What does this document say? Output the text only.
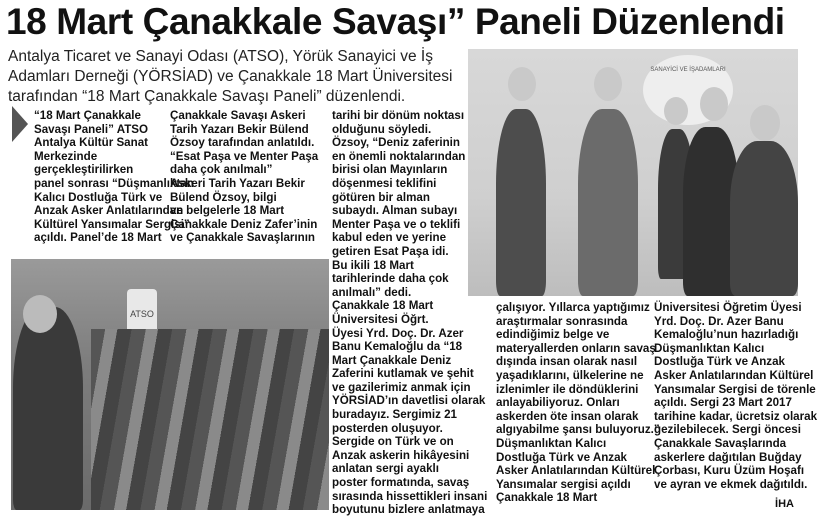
18 Mart Çanakkale Savaşı” Paneli Düzenlendi
Antalya Ticaret ve Sanayi Odası (ATSO), Yörük Sanayici ve İş
Adamları Derneği (YÖRSİAD) ve Çanakkale 18 Mart Üniversitesi
tarafından “18 Mart Çanakkale Savaşı Paneli” düzenlendi.
“18 Mart Çanakkale
Savaşı Paneli” ATSO
Antalya Kültür Sanat
Merkezinde
gerçekleştirilirken
panel sonrası “Düşmanlıktan
Kalıcı Dostluğa Türk ve
Anzak Asker Anlatılarından
Kültürel Yansımalar Sergisi”
açıldı. Panel’de 18 Mart
Çanakkale Savaşı Askeri
Tarih Yazarı Bekir Bülend
Özsoy tarafından anlatıldı.
“Esat Paşa ve Menter Paşa
daha çok anılmalı”
Askeri Tarih Yazarı Bekir
Bülend Özsoy, bilgi
ve belgelerle 18 Mart
Çanakkale Deniz Zafer’inin
ve Çanakkale Savaşlarının
tarihi bir dönüm noktası
olduğunu söyledi.
Özsoy, “Deniz zaferinin
en önemli noktalarından
birisi olan Mayınların
döşenmesi teklifini
götüren bir alman
subaydı. Alman subayı
Menter Paşa ve o teklifi
kabul eden ve yerine
getiren Esat Paşa idi.
Bu ikili 18 Mart
tarihlerinde daha çok
anılmalı” dedi.
Çanakkale 18 Mart
Üniversitesi Öğrt.
Üyesi Yrd. Doç. Dr. Azer
Banu Kemaloğlu da “18
Mart Çanakkale Deniz
Zaferini kutlamak ve şehit
ve gazilerimiz anmak için
YÖRSİAD’ın davetlisi olarak
buradayız. Sergimiz 21
posterden oluşuyor.
Sergide on Türk ve on
Anzak askerin hikâyesini
anlatan sergi ayaklı
poster formatında, savaş
sırasında hissettikleri insani
boyutunu bizlere anlatmaya
çalışıyor. Yıllarca yaptığımız
araştırmalar sonrasında
edindiğimiz belge ve
materyallerden onların savaş
dışında insan olarak nasıl
yaşadıklarını, ülkelerine ne
izlenimler ile döndüklerini
anlayabiliyoruz. Onları
askerden öte insan olarak
algıyabilme şansı buluyoruz.”
Düşmanlıktan Kalıcı
Dostluğa Türk ve Anzak
Asker Anlatılarından Kültürel
Yansımalar sergisi açıldı
Çanakkale 18 Mart
Üniversitesi Öğretim Üyesi
Yrd. Doç. Dr. Azer Banu
Kemaloğlu’nun hazırladığı
Düşmanlıktan Kalıcı
Dostluğa Türk ve Anzak
Asker Anlatılarından Kültürel
Yansımalar Sergisi de törenle
açıldı. Sergi 23 Mart 2017
tarihine kadar, ücretsiz olarak
gezilebilecek. Sergi öncesi
Çanakkale Savaşlarında
askerlere dağıtılan Buğday
Çorbası, Kuru Üzüm Hoşafı
ve ayran ve ekmek dağıtıldı.
ATSO
SANAYİCİ VE İŞADAMLARI
İHA
